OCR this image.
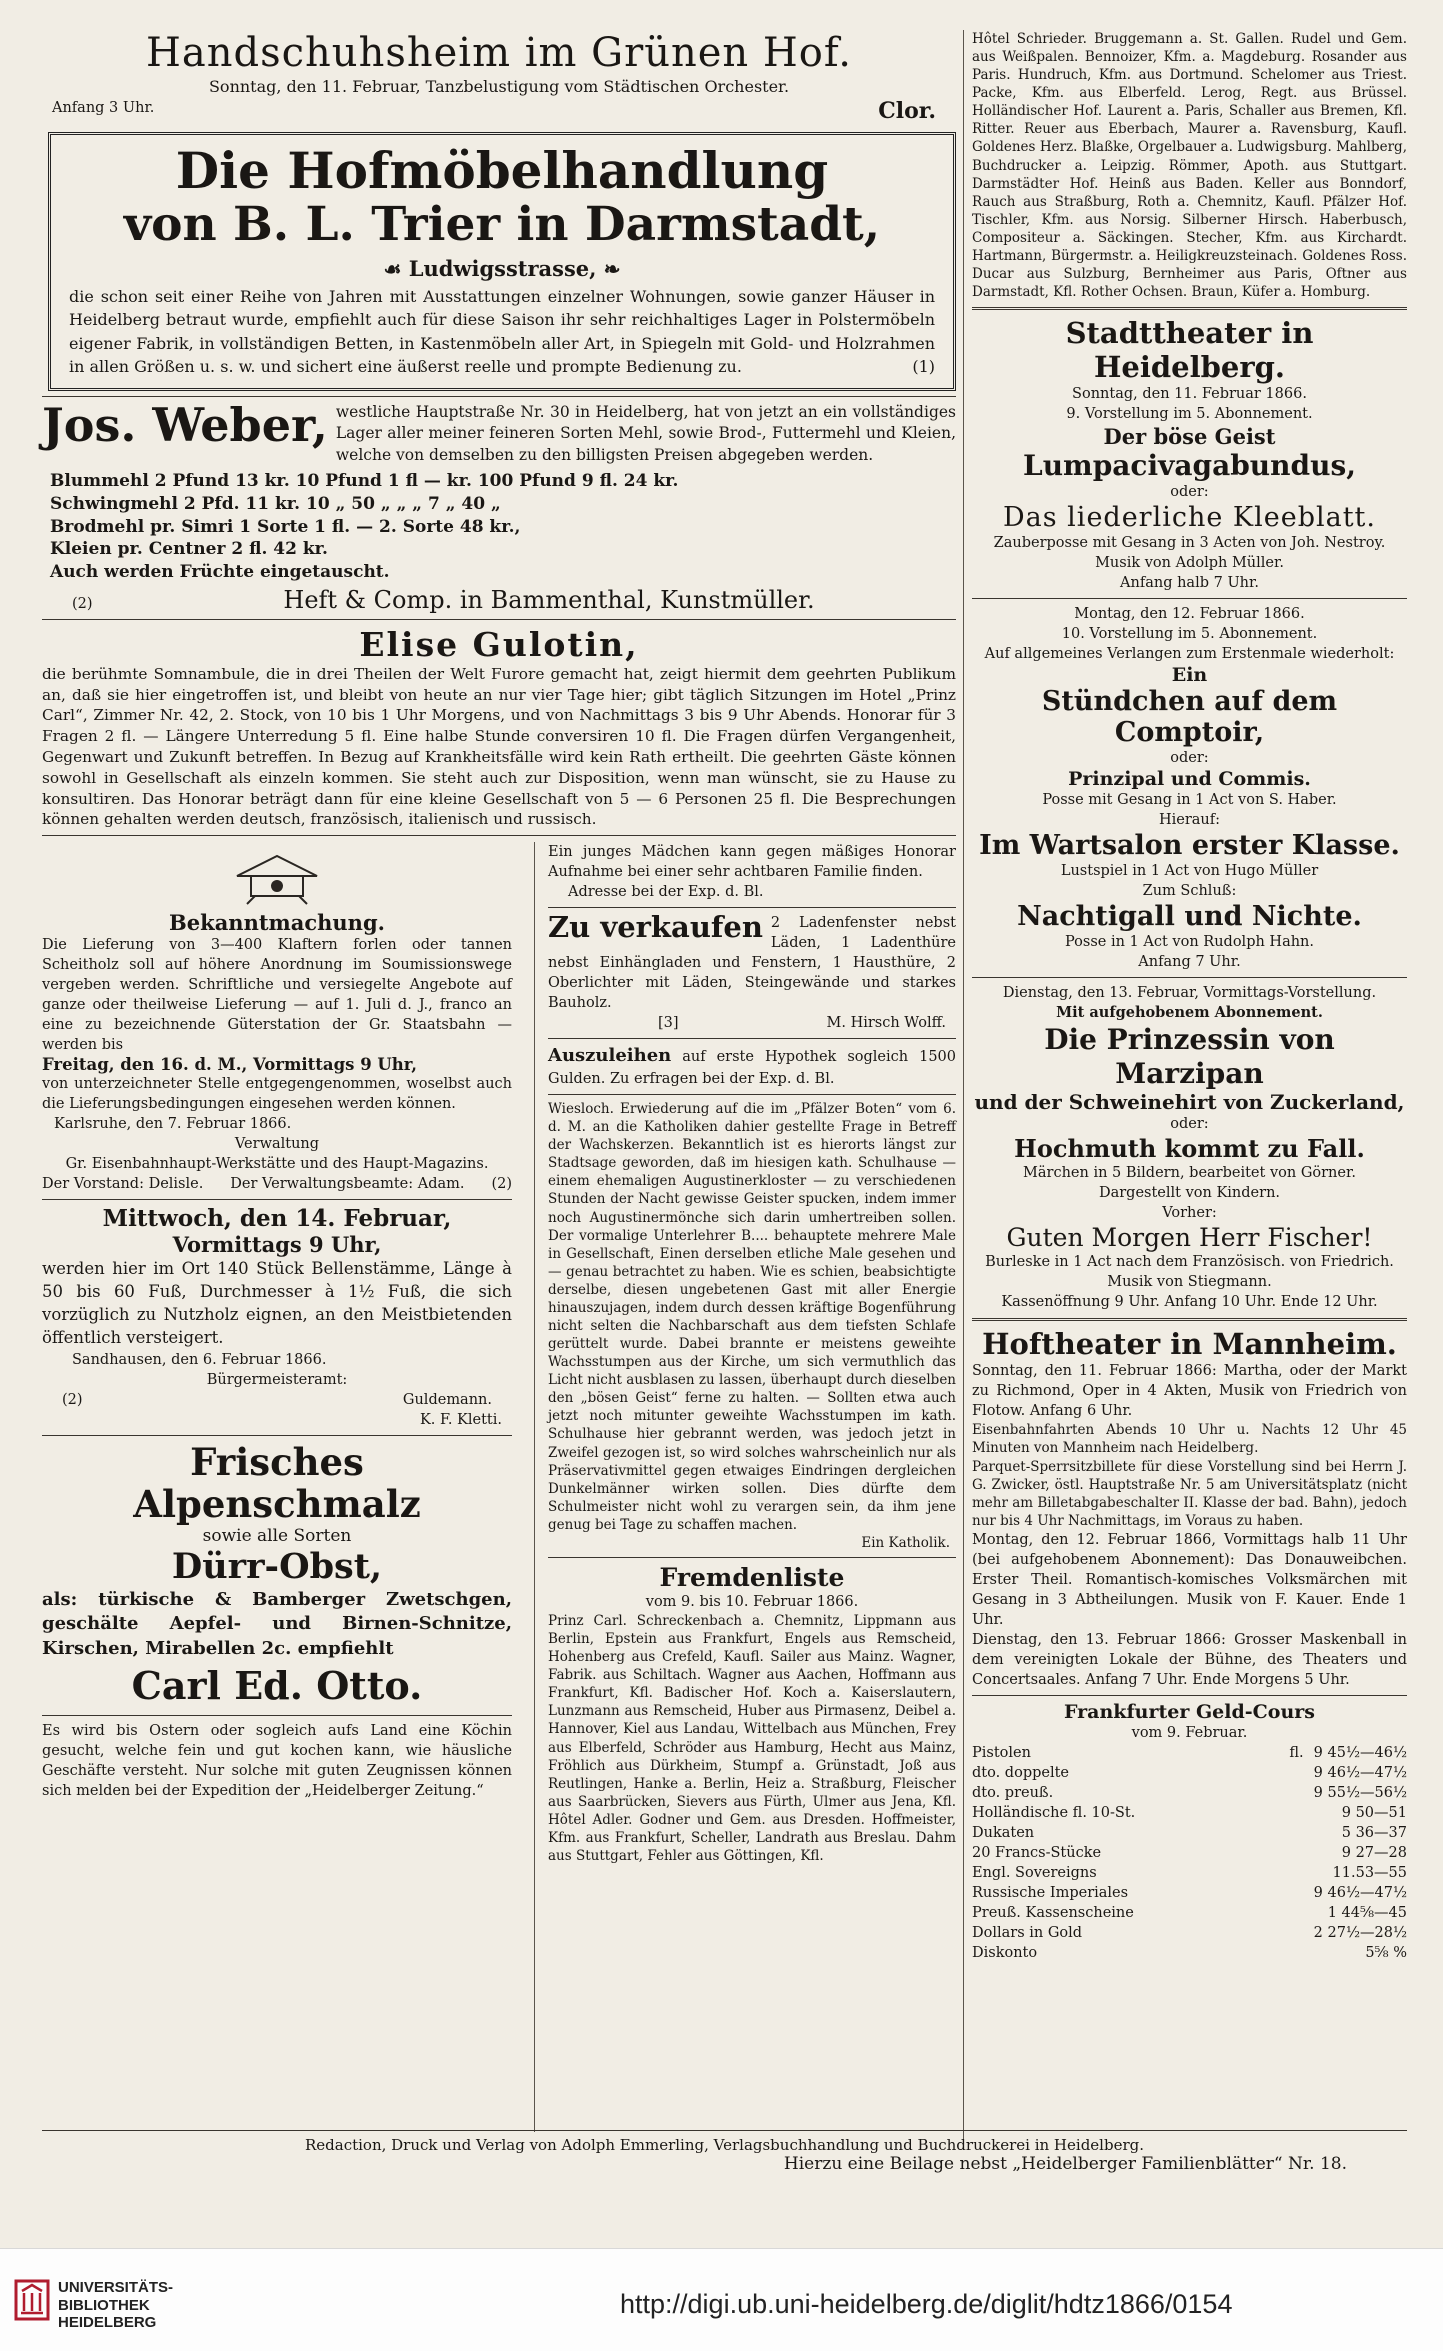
Handschuhsheim im Grünen Hof.

Sonntag, den 11. Februar, Tanzbelustigung vom Städtischen Orchester.

Anfang 3 Uhr.	Clor.
Die Hofmöbelhandlung
von B. L. Trier in Darmstadt,
☙ Ludwigsstrasse, ❧

die schon seit einer Reihe von Jahren mit Ausstattungen einzelner Wohnungen, sowie ganzer Häuser in Heidelberg betraut wurde, empfiehlt auch für diese Saison ihr sehr reichhaltiges Lager in Polstermöbeln eigener Fabrik, in vollständigen Betten, in Kastenmöbeln aller Art, in Spiegeln mit Gold- und Holzrahmen in allen Größen u. s. w. und sichert eine äußerst reelle und prompte Bedienung zu.	(1)

Jos. Weber, westliche Hauptstraße Nr. 30 in Heidelberg, hat von jetzt an ein vollständiges Lager aller meiner feineren Sorten Mehl, sowie Brod-, Futtermehl und Kleien, welche von demselben zu den billigsten Preisen abgegeben werden.

Blummehl 2 Pfund 13 kr. 10 Pfund 1 fl — kr. 100 Pfund 9 fl. 24 kr.
Schwingmehl 2 Pfd. 11 kr. 10 „ 50 „ „ „ 7 „ 40 „
Brodmehl pr. Simri 1 Sorte 1 fl. — 2. Sorte 48 kr.,
Kleien pr. Centner 2 fl. 42 kr.
Auch werden Früchte eingetauscht.
(2)	Heft & Comp. in Bammenthal, Kunstmüller.
Elise Gulotin,

die berühmte Somnambule, die in drei Theilen der Welt Furore gemacht hat, zeigt hiermit dem geehrten Publikum an, daß sie hier eingetroffen ist, und bleibt von heute an nur vier Tage hier; gibt täglich Sitzungen im Hotel „Prinz Carl“, Zimmer Nr. 42, 2. Stock, von 10 bis 1 Uhr Morgens, und von Nachmittags 3 bis 9 Uhr Abends. Honorar für 3 Fragen 2 fl. — Längere Unterredung 5 fl. Eine halbe Stunde conversiren 10 fl. Die Fragen dürfen Vergangenheit, Gegenwart und Zukunft betreffen. In Bezug auf Krankheitsfälle wird kein Rath ertheilt. Die geehrten Gäste können sowohl in Gesellschaft als einzeln kommen. Sie steht auch zur Disposition, wenn man wünscht, sie zu Hause zu konsultiren. Das Honorar beträgt dann für eine kleine Gesellschaft von 5 — 6 Personen 25 fl. Die Besprechungen können gehalten werden deutsch, französisch, italienisch und russisch.

Bekanntmachung.

Die Lieferung von 3—400 Klaftern forlen oder tannen Scheitholz soll auf höhere Anordnung im Soumissionswege vergeben werden. Schriftliche und versiegelte Angebote auf ganze oder theilweise Lieferung — auf 1. Juli d. J., franco an eine zu bezeichnende Güterstation der Gr. Staatsbahn — werden bis

Freitag, den 16. d. M., Vormittags 9 Uhr,

von unterzeichneter Stelle entgegengenommen, woselbst auch die Lieferungsbedingungen eingesehen werden können.

Karlsruhe, den 7. Februar 1866.

Verwaltung

Gr. Eisenbahnhaupt-Werkstätte und des Haupt-Magazins.

Der Vorstand: Delisle. Der Verwaltungsbeamte: Adam. (2)
Mittwoch, den 14. Februar,
Vormittags 9 Uhr,

werden hier im Ort 140 Stück Bellenstämme, Länge à 50 bis 60 Fuß, Durchmesser à 1½ Fuß, die sich vorzüglich zu Nutzholz eignen, an den Meistbietenden öffentlich versteigert.

Sandhausen, den 6. Februar 1866.

Bürgermeisteramt:

(2)	Guldemann.

K. F. Kletti.

Frisches Alpenschmalz

sowie alle Sorten

Dürr-Obst,

als: türkische & Bamberger Zwetschgen, geschälte Aepfel- und Birnen-Schnitze, Kirschen, Mirabellen 2c. empfiehlt

Carl Ed. Otto.

Es wird bis Ostern oder sogleich aufs Land eine Köchin gesucht, welche fein und gut kochen kann, wie häusliche Geschäfte versteht. Nur solche mit guten Zeugnissen können sich melden bei der Expedition der „Heidelberger Zeitung.“

Ein junges Mädchen kann gegen mäßiges Honorar Aufnahme bei einer sehr achtbaren Familie finden.

Adresse bei der Exp. d. Bl.

Zu verkaufen 2 Ladenfenster nebst Läden, 1 Ladenthüre nebst Einhängladen und Fenstern, 1 Hausthüre, 2 Oberlichter mit Läden, Steingewände und starkes Bauholz.

[3]	M. Hirsch Wolff.

Auszuleihen auf erste Hypothek sogleich 1500 Gulden. Zu erfragen bei der Exp. d. Bl.

Wiesloch. Erwiederung auf die im „Pfälzer Boten“ vom 6. d. M. an die Katholiken dahier gestellte Frage in Betreff der Wachskerzen. Bekanntlich ist es hierorts längst zur Stadtsage geworden, daß im hiesigen kath. Schulhause — einem ehemaligen Augustinerkloster — zu verschiedenen Stunden der Nacht gewisse Geister spucken, indem immer noch Augustinermönche sich darin umhertreiben sollen. Der vormalige Unterlehrer B.... behauptete mehrere Male in Gesellschaft, Einen derselben etliche Male gesehen und — genau betrachtet zu haben. Wie es schien, beabsichtigte derselbe, diesen ungebetenen Gast mit aller Energie hinauszujagen, indem durch dessen kräftige Bogenführung nicht selten die Nachbarschaft aus dem tiefsten Schlafe gerüttelt wurde. Dabei brannte er meistens geweihte Wachsstumpen aus der Kirche, um sich vermuthlich das Licht nicht ausblasen zu lassen, überhaupt durch dieselben den „bösen Geist“ ferne zu halten. — Sollten etwa auch jetzt noch mitunter geweihte Wachsstumpen im kath. Schulhause hier gebrannt werden, was jedoch jetzt in Zweifel gezogen ist, so wird solches wahrscheinlich nur als Präservativmittel gegen etwaiges Eindringen dergleichen Dunkelmänner wirken sollen. Dies dürfte dem Schulmeister nicht wohl zu verargen sein, da ihm jene genug bei Tage zu schaffen machen.

Ein Katholik.

Fremdenliste

vom 9. bis 10. Februar 1866.

Prinz Carl. Schreckenbach a. Chemnitz, Lippmann aus Berlin, Epstein aus Frankfurt, Engels aus Remscheid, Hohenberg aus Crefeld, Kaufl. Sailer aus Mainz. Wagner, Fabrik. aus Schiltach. Wagner aus Aachen, Hoffmann aus Frankfurt, Kfl. Badischer Hof. Koch a. Kaiserslautern, Lunzmann aus Remscheid, Huber aus Pirmasenz, Deibel a. Hannover, Kiel aus Landau, Wittelbach aus München, Frey aus Elberfeld, Schröder aus Hamburg, Hecht aus Mainz, Fröhlich aus Dürkheim, Stumpf a. Grünstadt, Joß aus Reutlingen, Hanke a. Berlin, Heiz a. Straßburg, Fleischer aus Saarbrücken, Sievers aus Fürth, Ulmer aus Jena, Kfl. Hôtel Adler. Godner und Gem. aus Dresden. Hoffmeister, Kfm. aus Frankfurt, Scheller, Landrath aus Breslau. Dahm aus Stuttgart, Fehler aus Göttingen, Kfl.

Hôtel Schrieder. Bruggemann a. St. Gallen. Rudel und Gem. aus Weißpalen. Bennoizer, Kfm. a. Magdeburg. Rosander aus Paris. Hundruch, Kfm. aus Dortmund. Schelomer aus Triest. Packe, Kfm. aus Elberfeld. Lerog, Regt. aus Brüssel. Holländischer Hof. Laurent a. Paris, Schaller aus Bremen, Kfl. Ritter. Reuer aus Eberbach, Maurer a. Ravensburg, Kaufl. Goldenes Herz. Blaßke, Orgelbauer a. Ludwigsburg. Mahlberg, Buchdrucker a. Leipzig. Römmer, Apoth. aus Stuttgart. Darmstädter Hof. Heinß aus Baden. Keller aus Bonndorf, Rauch aus Straßburg, Roth a. Chemnitz, Kaufl. Pfälzer Hof. Tischler, Kfm. aus Norsig. Silberner Hirsch. Haberbusch, Compositeur a. Säckingen. Stecher, Kfm. aus Kirchardt. Hartmann, Bürgermstr. a. Heiligkreuzsteinach. Goldenes Ross. Ducar aus Sulzburg, Bernheimer aus Paris, Oftner aus Darmstadt, Kfl. Rother Ochsen. Braun, Küfer a. Homburg.

Stadttheater in Heidelberg.

Sonntag, den 11. Februar 1866.

9. Vorstellung im 5. Abonnement.

Der böse Geist
Lumpacivagabundus,

oder:

Das liederliche Kleeblatt.

Zauberposse mit Gesang in 3 Acten von Joh. Nestroy. Musik von Adolph Müller.

Anfang halb 7 Uhr.

Montag, den 12. Februar 1866.

10. Vorstellung im 5. Abonnement.

Auf allgemeines Verlangen zum Erstenmale wiederholt:

Ein
Stündchen auf dem Comptoir,

oder:

Prinzipal und Commis.

Posse mit Gesang in 1 Act von S. Haber.

Hierauf:

Im Wartsalon erster Klasse.

Lustspiel in 1 Act von Hugo Müller

Zum Schluß:

Nachtigall und Nichte.

Posse in 1 Act von Rudolph Hahn.

Anfang 7 Uhr.

Dienstag, den 13. Februar, Vormittags-Vorstellung.

Mit aufgehobenem Abonnement.

Die Prinzessin von Marzipan
und der Schweinehirt von Zuckerland,

oder:

Hochmuth kommt zu Fall.

Märchen in 5 Bildern, bearbeitet von Görner.

Dargestellt von Kindern.

Vorher:

Guten Morgen Herr Fischer!

Burleske in 1 Act nach dem Französisch. von Friedrich. Musik von Stiegmann.

Kassenöffnung 9 Uhr. Anfang 10 Uhr. Ende 12 Uhr.

Hoftheater in Mannheim.

Sonntag, den 11. Februar 1866: Martha, oder der Markt zu Richmond, Oper in 4 Akten, Musik von Friedrich von Flotow. Anfang 6 Uhr.

Eisenbahnfahrten Abends 10 Uhr u. Nachts 12 Uhr 45 Minuten von Mannheim nach Heidelberg.

Parquet-Sperrsitzbillete für diese Vorstellung sind bei Herrn J. G. Zwicker, östl. Hauptstraße Nr. 5 am Universitätsplatz (nicht mehr am Billetabgabeschalter II. Klasse der bad. Bahn), jedoch nur bis 4 Uhr Nachmittags, im Voraus zu haben.

Montag, den 12. Februar 1866, Vormittags halb 11 Uhr (bei aufgehobenem Abonnement): Das Donauweibchen. Erster Theil. Romantisch-komisches Volksmärchen mit Gesang in 3 Abtheilungen. Musik von F. Kauer. Ende 1 Uhr.

Dienstag, den 13. Februar 1866: Grosser Maskenball in dem vereinigten Lokale der Bühne, des Theaters und Concertsaales. Anfang 7 Uhr. Ende Morgens 5 Uhr.

Frankfurter Geld-Cours

vom 9. Februar.

Pistolen	fl. 9 45½—46½
dto. doppelte	9 46½—47½
dto. preuß.	9 55½—56½
Holländische fl. 10-St.	9 50—51
Dukaten	5 36—37
20 Francs-Stücke	9 27—28
Engl. Sovereigns	11.53—55
Russische Imperiales	9 46½—47½
Preuß. Kassenscheine	1 44⅝—45
Dollars in Gold	2 27½—28½
Diskonto	5⅝ %

Redaction, Druck und Verlag von Adolph Emmerling, Verlagsbuchhandlung und Buchdruckerei in Heidelberg.

Hierzu eine Beilage nebst „Heidelberger Familienblätter“ Nr. 18.

UNIVERSITÄTS-
BIBLIOTHEK
HEIDELBERG
http://digi.ub.uni-heidelberg.de/diglit/hdtz1866/0154
